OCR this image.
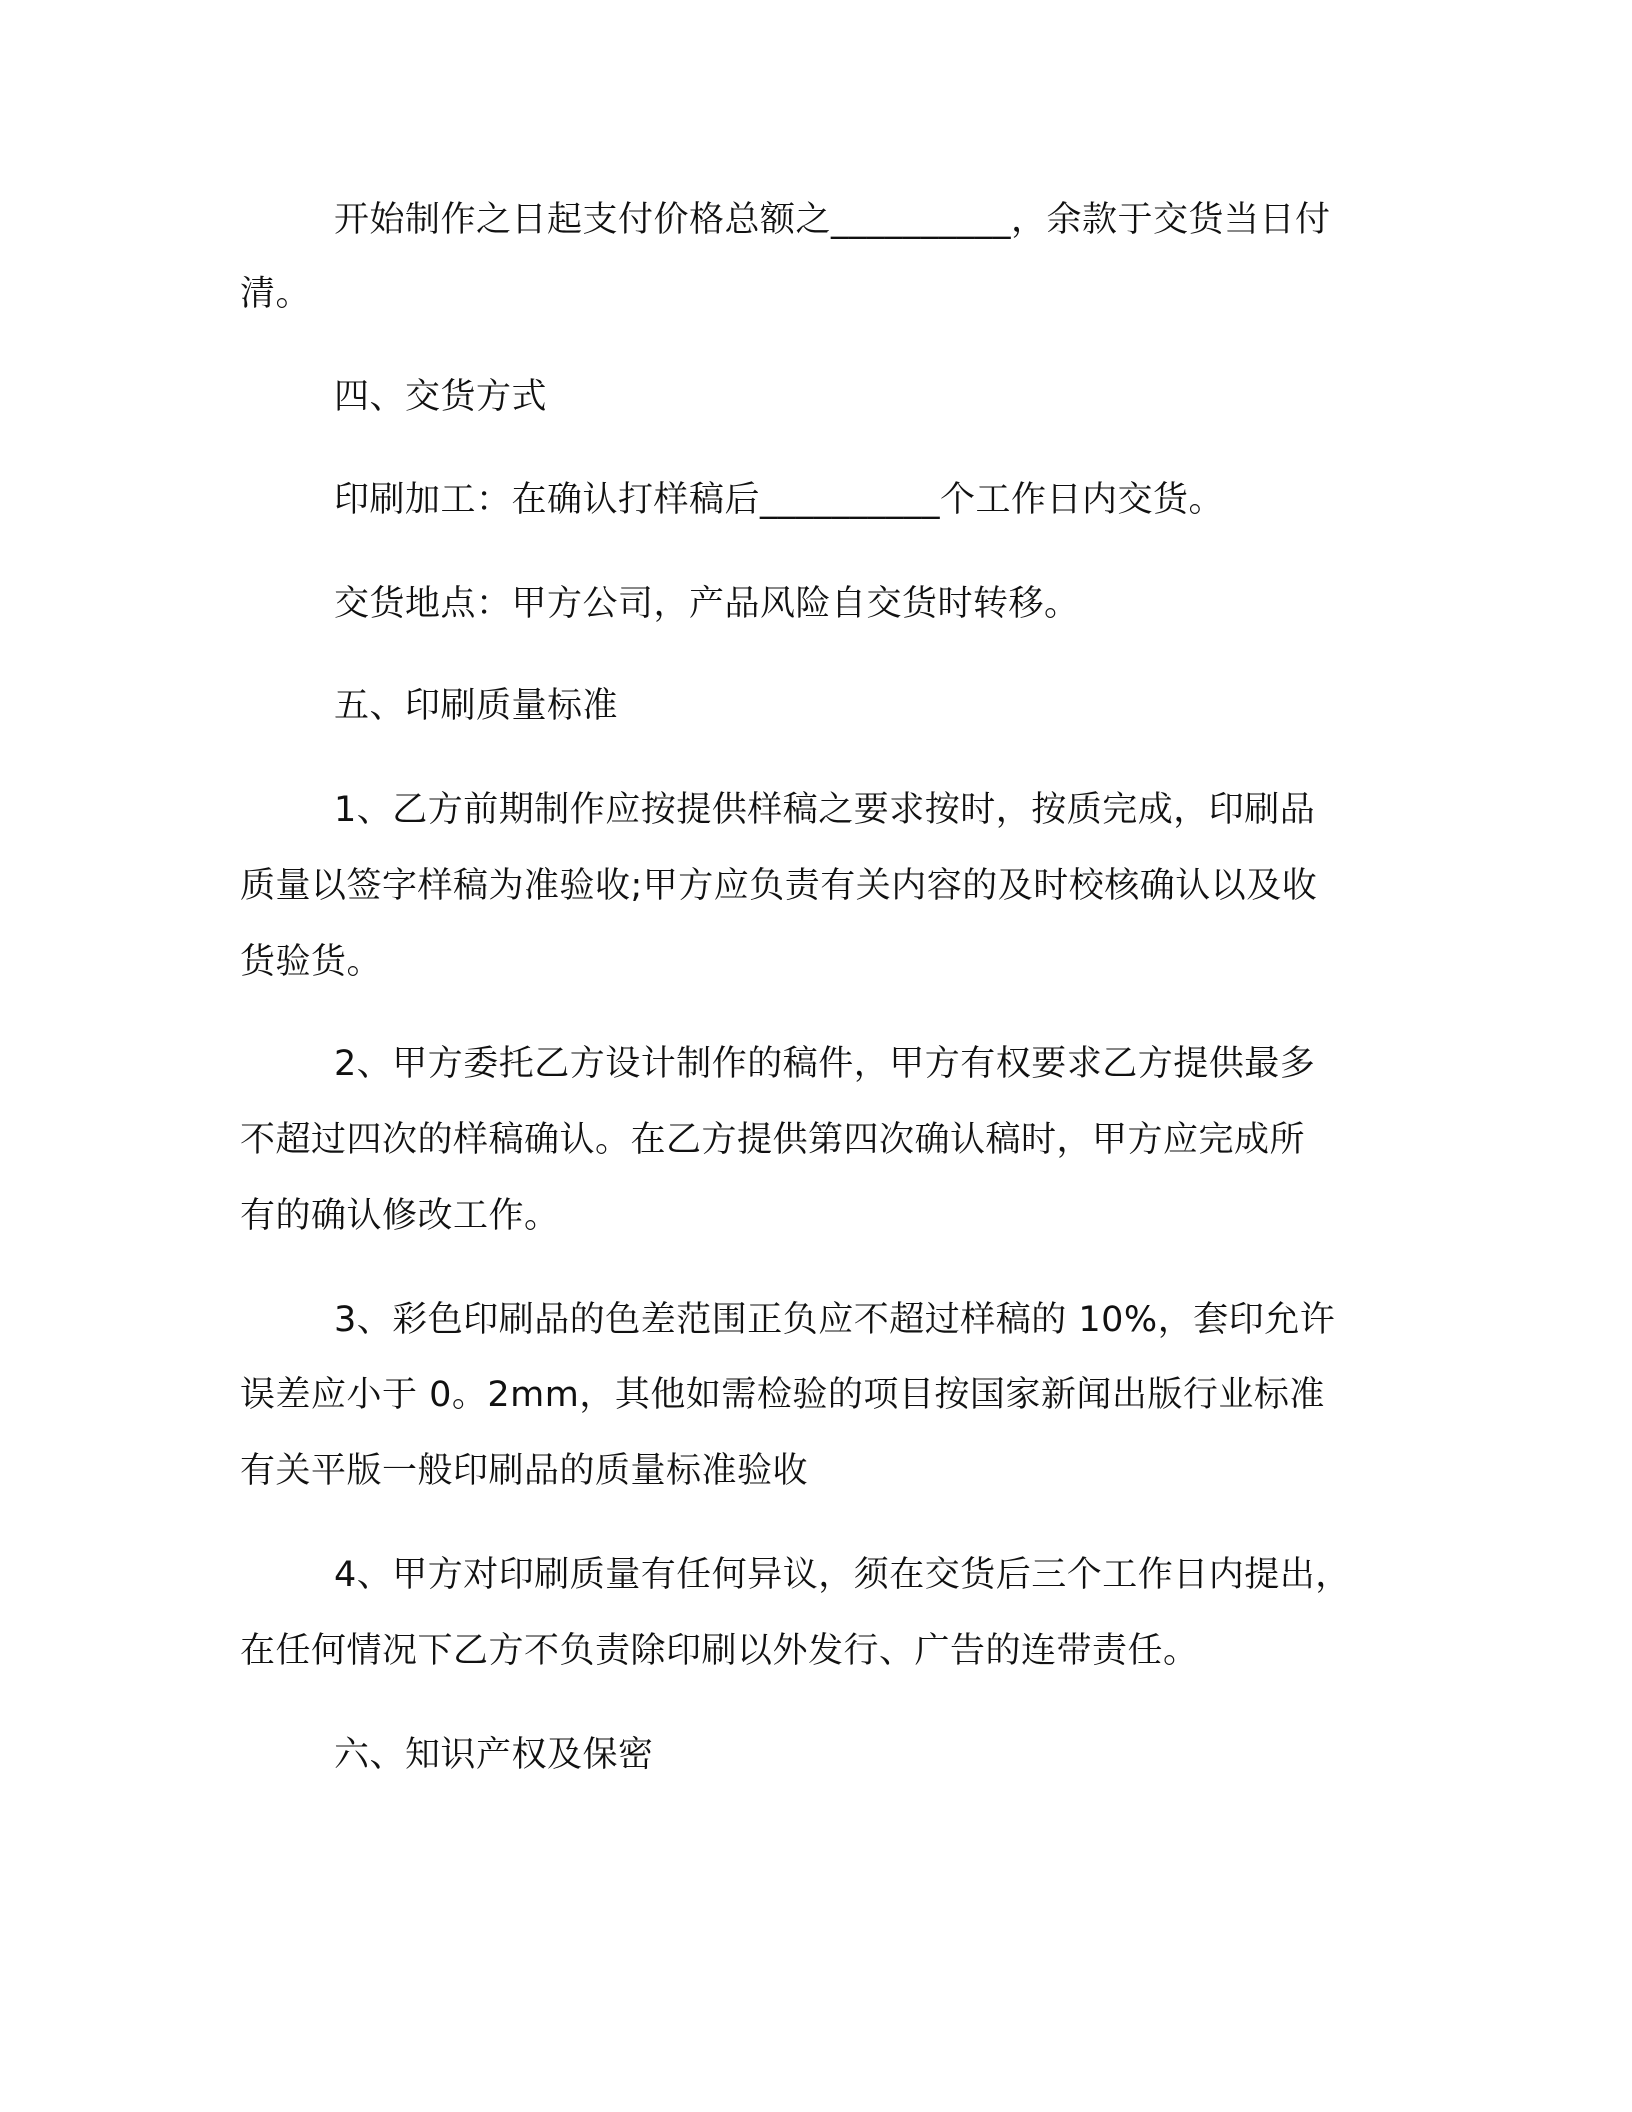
开始制作之日起支付价格总额之__________，余款于交货当日付
清。
四、交货方式
印刷加工：在确认打样稿后__________个工作日内交货。
交货地点：甲方公司，产品风险自交货时转移。
五、印刷质量标准
1、乙方前期制作应按提供样稿之要求按时，按质完成，印刷品
质量以签字样稿为准验收;甲方应负责有关内容的及时校核确认以及收
货验货。
2、甲方委托乙方设计制作的稿件，甲方有权要求乙方提供最多
不超过四次的样稿确认。在乙方提供第四次确认稿时，甲方应完成所
有的确认修改工作。
3、彩色印刷品的色差范围正负应不超过样稿的 10%，套印允许
误差应小于 0。2mm，其他如需检验的项目按国家新闻出版行业标准
有关平版一般印刷品的质量标准验收
4、甲方对印刷质量有任何异议，须在交货后三个工作日内提出，
在任何情况下乙方不负责除印刷以外发行、广告的连带责任。
六、知识产权及保密
